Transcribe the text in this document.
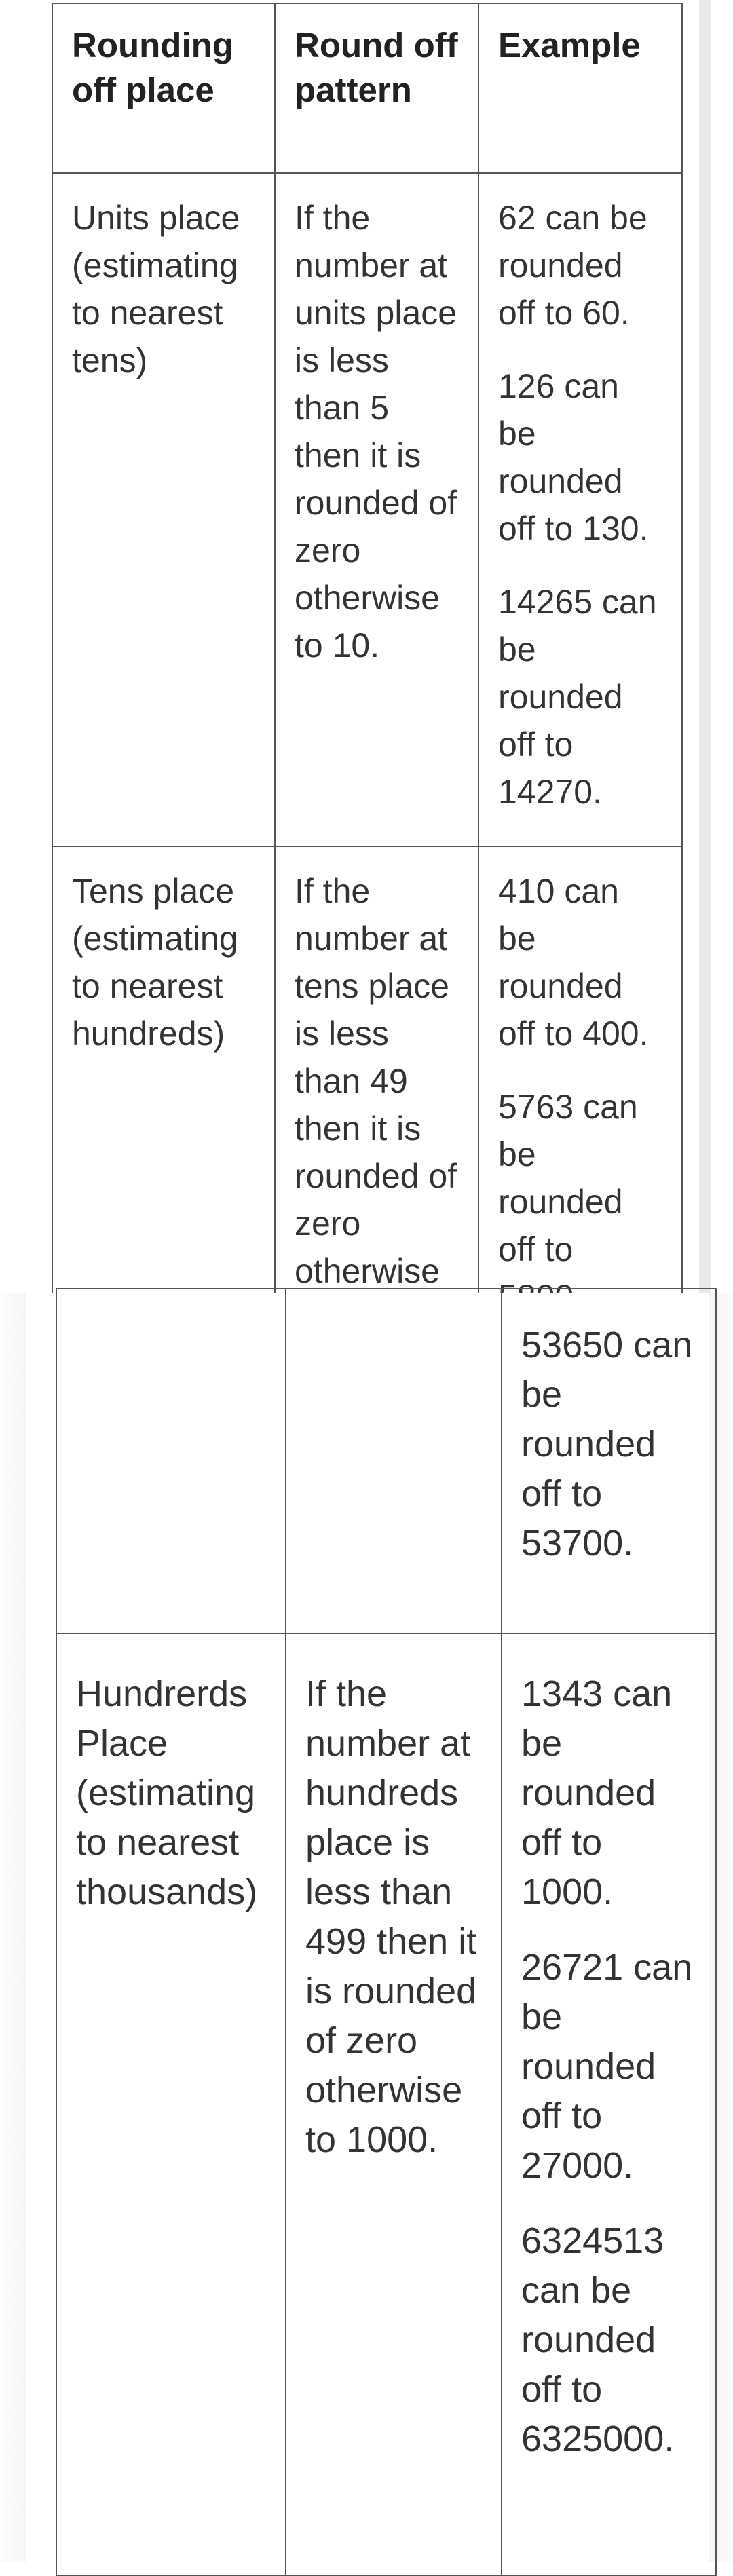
Rounding off place	Round off pattern	Example
Units place (estimating to nearest tens)	If the number at units place is less than 5 then it is rounded of zero otherwise to 10.	62 can be rounded off to 60.

126 can be rounded off to 130.

14265 can be rounded off to 14270.

Tens place (estimating to nearest hundreds)	If the number at tens place is less than 49 then it is rounded of zero otherwise	410 can be rounded off to 400.

5763 can be rounded off to

		53650 can be rounded off to 53700.

Hundrerds Place (estimating to nearest thousands)	If the number at hundreds place is less than 499 then it is rounded of zero otherwise to 1000.	1343 can be rounded off to 1000.

26721 can be rounded off to 27000.

6324513 can be rounded off to 6325000.
